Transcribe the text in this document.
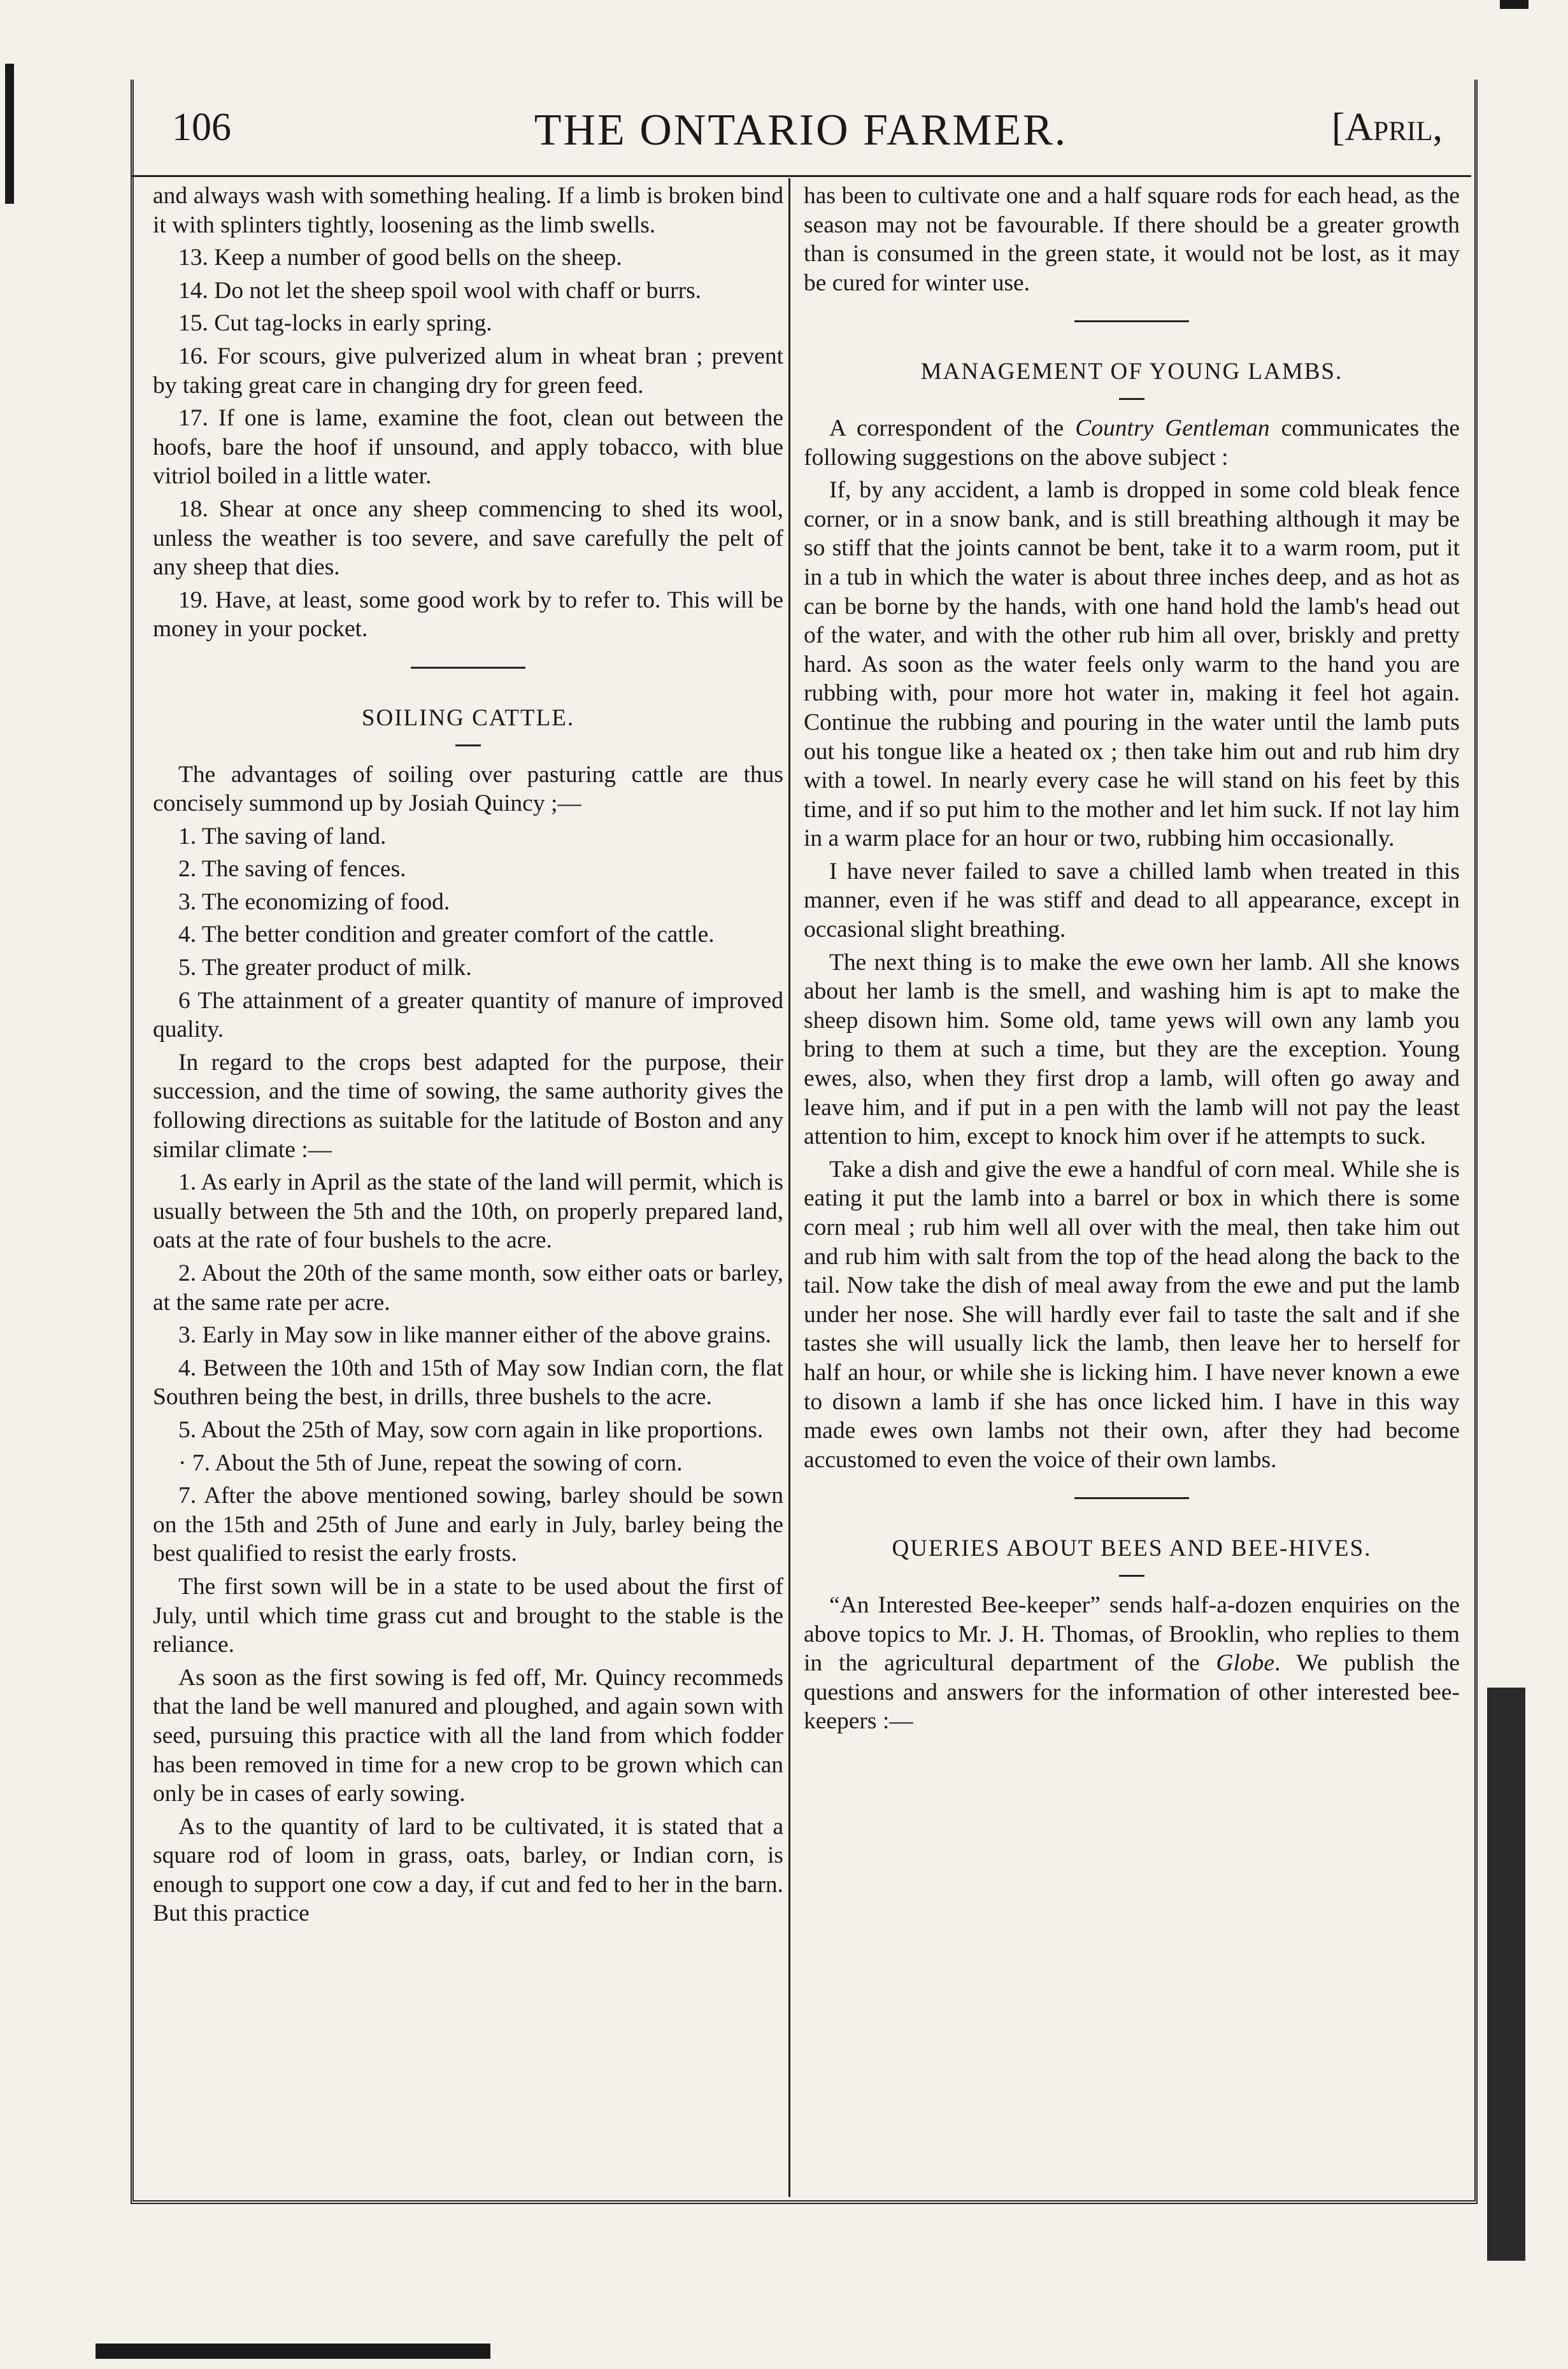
106	THE ONTARIO FARMER.	[April,

and always wash with something healing. If a limb is broken bind it with splinters tightly, loosening as the limb swells.

13. Keep a number of good bells on the sheep.

14. Do not let the sheep spoil wool with chaff or burrs.

15. Cut tag-locks in early spring.

16. For scours, give pulverized alum in wheat bran ; prevent by taking great care in changing dry for green feed.

17. If one is lame, examine the foot, clean out between the hoofs, bare the hoof if unsound, and apply tobacco, with blue vitriol boiled in a little water.

18. Shear at once any sheep commencing to shed its wool, unless the weather is too severe, and save carefully the pelt of any sheep that dies.

19. Have, at least, some good work by to refer to. This will be money in your pocket.

SOILING CATTLE.

The advantages of soiling over pasturing cattle are thus concisely summond up by Josiah Quincy ;—

1. The saving of land.

2. The saving of fences.

3. The economizing of food.

4. The better condition and greater comfort of the cattle.

5. The greater product of milk.

6 The attainment of a greater quantity of manure of improved quality.

In regard to the crops best adapted for the purpose, their succession, and the time of sowing, the same authority gives the following directions as suitable for the latitude of Boston and any similar climate :—

1. As early in April as the state of the land will permit, which is usually between the 5th and the 10th, on properly prepared land, oats at the rate of four bushels to the acre.

2. About the 20th of the same month, sow either oats or barley, at the same rate per acre.

3. Early in May sow in like manner either of the above grains.

4. Between the 10th and 15th of May sow Indian corn, the flat Southren being the best, in drills, three bushels to the acre.

5. About the 25th of May, sow corn again in like proportions.

· 7. About the 5th of June, repeat the sowing of corn.

7. After the above mentioned sowing, barley should be sown on the 15th and 25th of June and early in July, barley being the best qualified to resist the early frosts.

The first sown will be in a state to be used about the first of July, until which time grass cut and brought to the stable is the reliance.

As soon as the first sowing is fed off, Mr. Quincy recommeds that the land be well manured and ploughed, and again sown with seed, pursuing this practice with all the land from which fodder has been removed in time for a new crop to be grown which can only be in cases of early sowing.

As to the quantity of lard to be cultivated, it is stated that a square rod of loom in grass, oats, barley, or Indian corn, is enough to support one cow a day, if cut and fed to her in the barn. But this practice

has been to cultivate one and a half square rods for each head, as the season may not be favourable. If there should be a greater growth than is consumed in the green state, it would not be lost, as it may be cured for winter use.

MANAGEMENT OF YOUNG LAMBS.

A correspondent of the Country Gentleman communicates the following suggestions on the above subject :

If, by any accident, a lamb is dropped in some cold bleak fence corner, or in a snow bank, and is still breathing although it may be so stiff that the joints cannot be bent, take it to a warm room, put it in a tub in which the water is about three inches deep, and as hot as can be borne by the hands, with one hand hold the lamb's head out of the water, and with the other rub him all over, briskly and pretty hard. As soon as the water feels only warm to the hand you are rubbing with, pour more hot water in, making it feel hot again. Continue the rubbing and pouring in the water until the lamb puts out his tongue like a heated ox ; then take him out and rub him dry with a towel. In nearly every case he will stand on his feet by this time, and if so put him to the mother and let him suck. If not lay him in a warm place for an hour or two, rubbing him occasionally.

I have never failed to save a chilled lamb when treated in this manner, even if he was stiff and dead to all appearance, except in occasional slight breathing.

The next thing is to make the ewe own her lamb. All she knows about her lamb is the smell, and washing him is apt to make the sheep disown him. Some old, tame yews will own any lamb you bring to them at such a time, but they are the exception. Young ewes, also, when they first drop a lamb, will often go away and leave him, and if put in a pen with the lamb will not pay the least attention to him, except to knock him over if he attempts to suck.

Take a dish and give the ewe a handful of corn meal. While she is eating it put the lamb into a barrel or box in which there is some corn meal ; rub him well all over with the meal, then take him out and rub him with salt from the top of the head along the back to the tail. Now take the dish of meal away from the ewe and put the lamb under her nose. She will hardly ever fail to taste the salt and if she tastes she will usually lick the lamb, then leave her to herself for half an hour, or while she is licking him. I have never known a ewe to disown a lamb if she has once licked him. I have in this way made ewes own lambs not their own, after they had become accustomed to even the voice of their own lambs.

QUERIES ABOUT BEES AND BEE-HIVES.

“An Interested Bee-keeper” sends half-a-dozen enquiries on the above topics to Mr. J. H. Thomas, of Brooklin, who replies to them in the agricultural department of the Globe. We publish the questions and answers for the information of other interested bee-keepers :—
